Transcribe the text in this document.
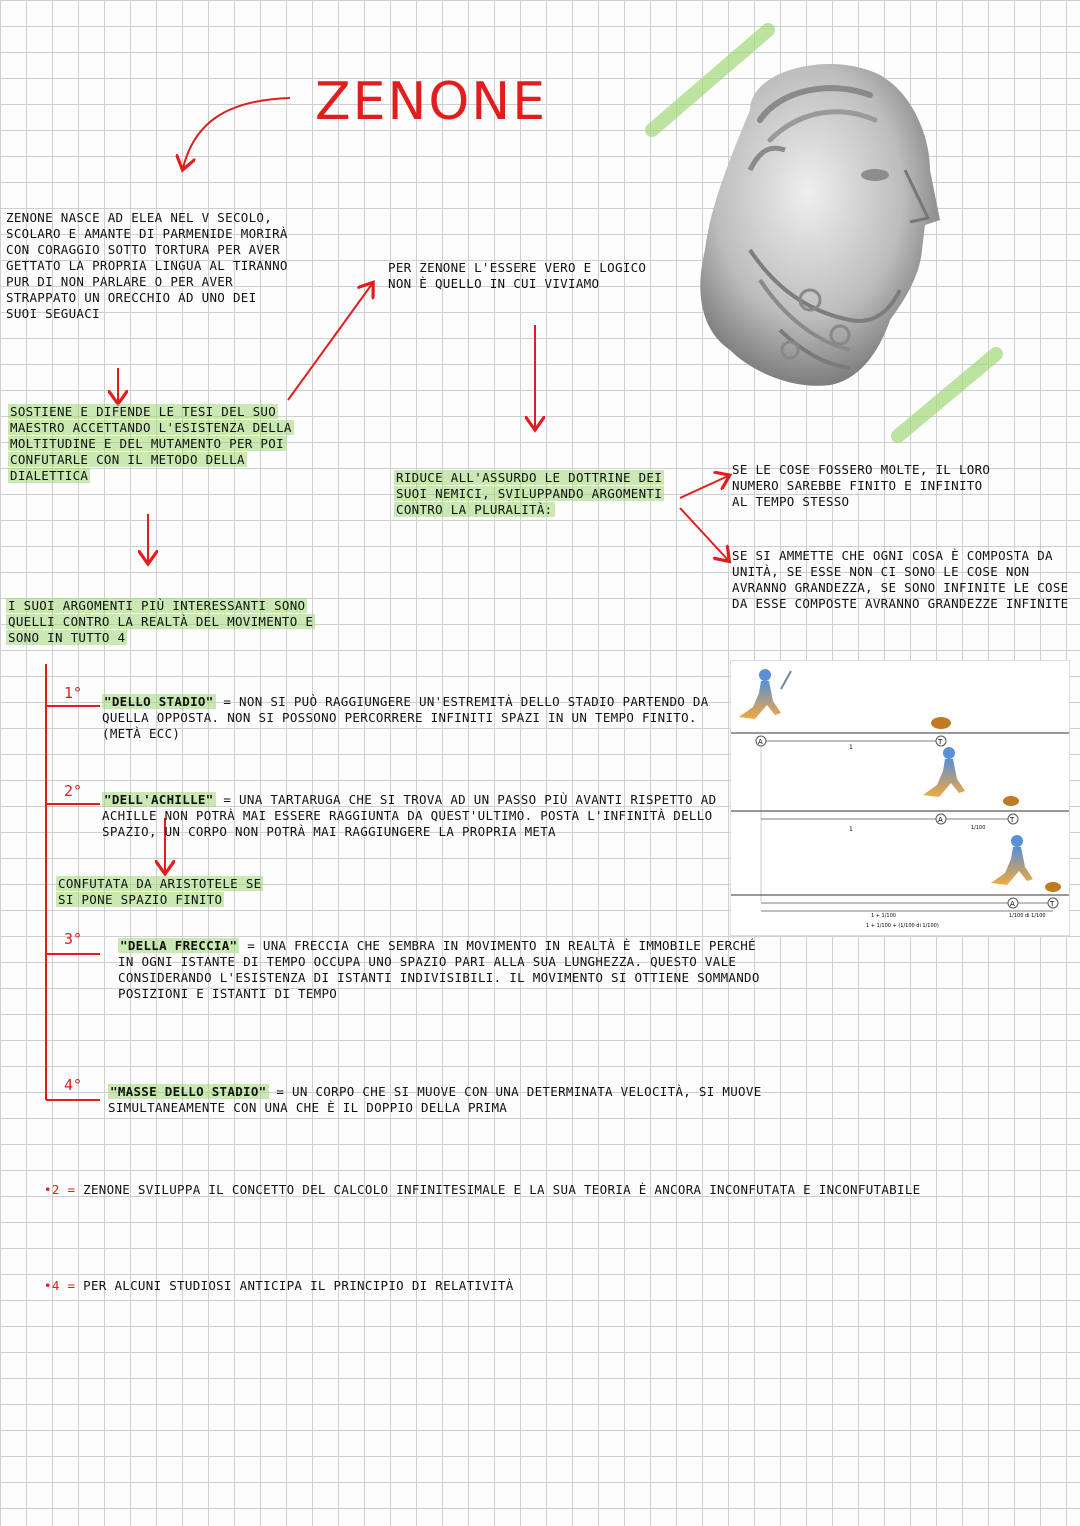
ZENONE
ZENONE NASCE AD ELEA NEL V SECOLO, SCOLARO E AMANTE DI PARMENIDE MORIRÀ CON CORAGGIO SOTTO TORTURA PER AVER GETTATO LA PROPRIA LINGUA AL TIRANNO PUR DI NON PARLARE O PER AVER STRAPPATO UN ORECCHIO AD UNO DEI SUOI SEGUACI
PER ZENONE L'ESSERE VERO E LOGICO NON È QUELLO IN CUI VIVIAMO
SOSTIENE E DIFENDE LE TESI DEL SUO MAESTRO ACCETTANDO L'ESISTENZA DELLA MOLTITUDINE E DEL MUTAMENTO PER POI CONFUTARLE CON IL METODO DELLA DIALETTICA	RIDUCE ALL'ASSURDO LE DOTTRINE DEI SUOI NEMICI, SVILUPPANDO ARGOMENTI CONTRO LA PLURALITÀ:
SE LE COSE FOSSERO MOLTE, IL LORO NUMERO SAREBBE FINITO E INFINITO AL TEMPO STESSO
SE SI AMMETTE CHE OGNI COSA È COMPOSTA DA UNITÀ, SE ESSE NON CI SONO LE COSE NON AVRANNO GRANDEZZA, SE SONO INFINITE LE COSE DA ESSE COMPOSTE AVRANNO GRANDEZZE INFINITE
I SUOI ARGOMENTI PIÙ INTERESSANTI SONO QUELLI CONTRO LA REALTÀ DEL MOVIMENTO E SONO IN TUTTO 4
1° "DELLO STADIO" = NON SI PUÒ RAGGIUNGERE UN'ESTREMITÀ DELLO STADIO PARTENDO DA QUELLA OPPOSTA. NON SI POSSONO PERCORRERE INFINITI SPAZI IN UN TEMPO FINITO. (METÀ ECC)
2° "DELL'ACHILLE" = UNA TARTARUGA CHE SI TROVA AD UN PASSO PIÙ AVANTI RISPETTO AD ACHILLE NON POTRÀ MAI ESSERE RAGGIUNTA DA QUEST'ULTIMO. POSTA L'INFINITÀ DELLO SPAZIO, UN CORPO NON POTRÀ MAI RAGGIUNGERE LA PROPRIA META
CONFUTATA DA ARISTOTELE SE SI PONE SPAZIO FINITO
3°	"DELLA FRECCIA" = UNA FRECCIA CHE SEMBRA IN MOVIMENTO IN REALTÀ È IMMOBILE PERCHÉ IN OGNI ISTANTE DI TEMPO OCCUPA UNO SPAZIO PARI ALLA SUA LUNGHEZZA. QUESTO VALE CONSIDERANDO L'ESISTENZA DI ISTANTI INDIVISIBILI. IL MOVIMENTO SI OTTIENE SOMMANDO POSIZIONI E ISTANTI DI TEMPO
4° "MASSE DELLO STADIO" = UN CORPO CHE SI MUOVE CON UNA DETERMINATA VELOCITÀ, SI MUOVE SIMULTANEAMENTE CON UNA CHE È IL DOPPIO DELLA PRIMA
•2 = ZENONE SVILUPPA IL CONCETTO DEL CALCOLO INFINITESIMALE E LA SUA TEORIA È ANCORA INCONFUTATA E INCONFUTABILE
•4 = PER ALCUNI STUDIOSI ANTICIPA IL PRINCIPIO DI RELATIVITÀ
A	T
1
A	T
1	1/100
A	T
1 + 1/100
1 + 1/100 + (1/100 di 1/100)
1/100 di 1/100
